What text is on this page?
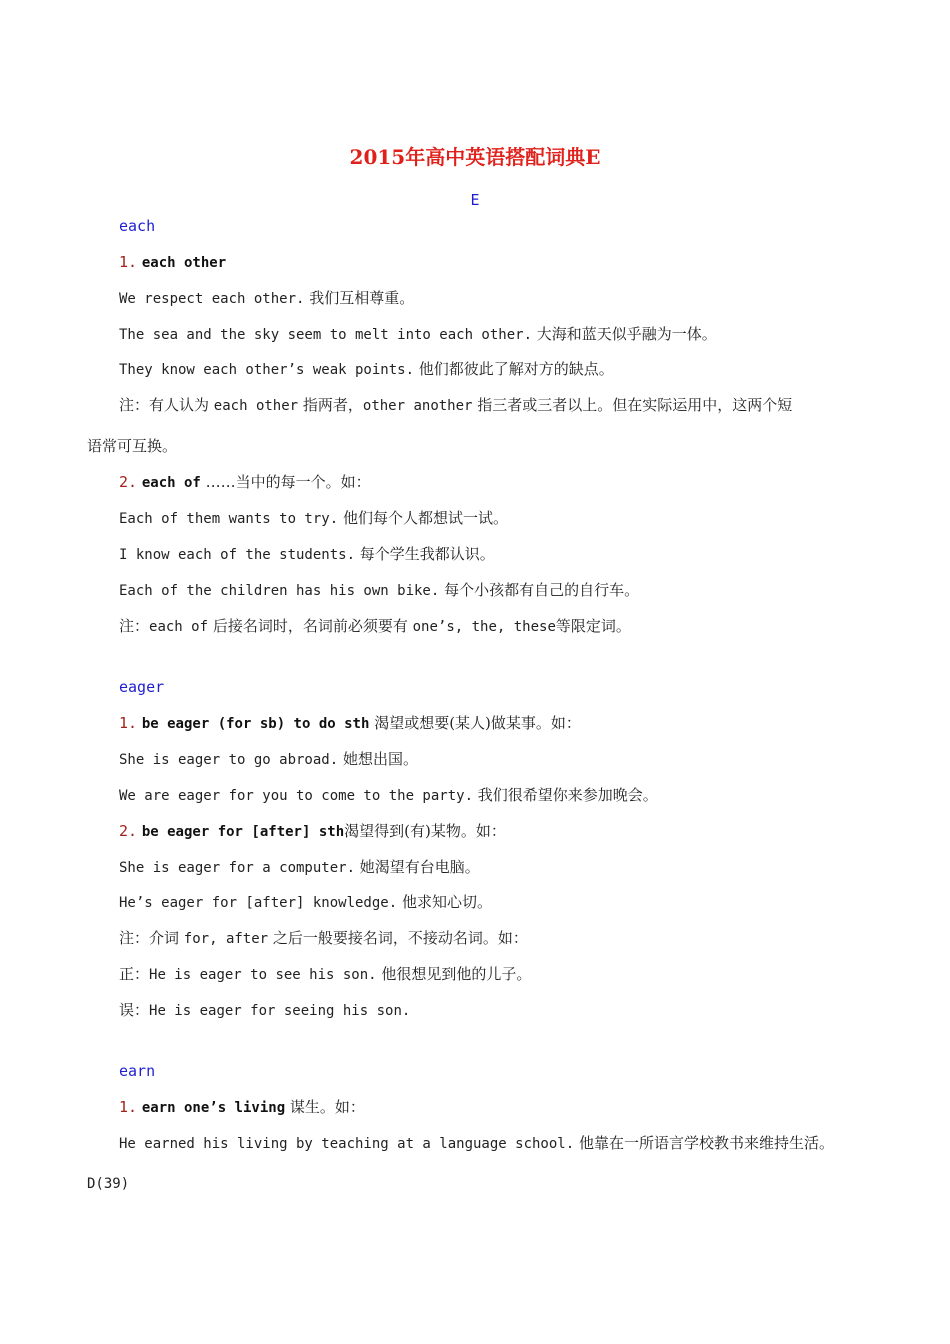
2015年高中英语搭配词典E
E
each
1. each other
We respect each other. 我们互相尊重。
The sea and the sky seem to melt into each other. 大海和蓝天似乎融为一体。
They know each other’s weak points. 他们都彼此了解对方的缺点。
注：有人认为 each other 指两者，other another 指三者或三者以上。但在实际运用中，这两个短
语常可互换。
2. each of ……当中的每一个。如：
Each of them wants to try. 他们每个人都想试一试。
I know each of the students. 每个学生我都认识。
Each of the children has his own bike. 每个小孩都有自己的自行车。
注：each of 后接名词时，名词前必须要有 one’s, the, these等限定词。
eager
1. be eager (for sb) to do sth 渴望或想要(某人)做某事。如：
She is eager to go abroad. 她想出国。
We are eager for you to come to the party. 我们很希望你来参加晚会。
2. be eager for [after] sth渴望得到(有)某物。如：
She is eager for a computer. 她渴望有台电脑。
He’s eager for [after] knowledge. 他求知心切。
注：介词 for, after 之后一般要接名词，不接动名词。如：
正：He is eager to see his son. 他很想见到他的儿子。
误：He is eager for seeing his son.
earn
1. earn one’s living 谋生。如：
He earned his living by teaching at a language school. 他靠在一所语言学校教书来维持生活。
D(39)
